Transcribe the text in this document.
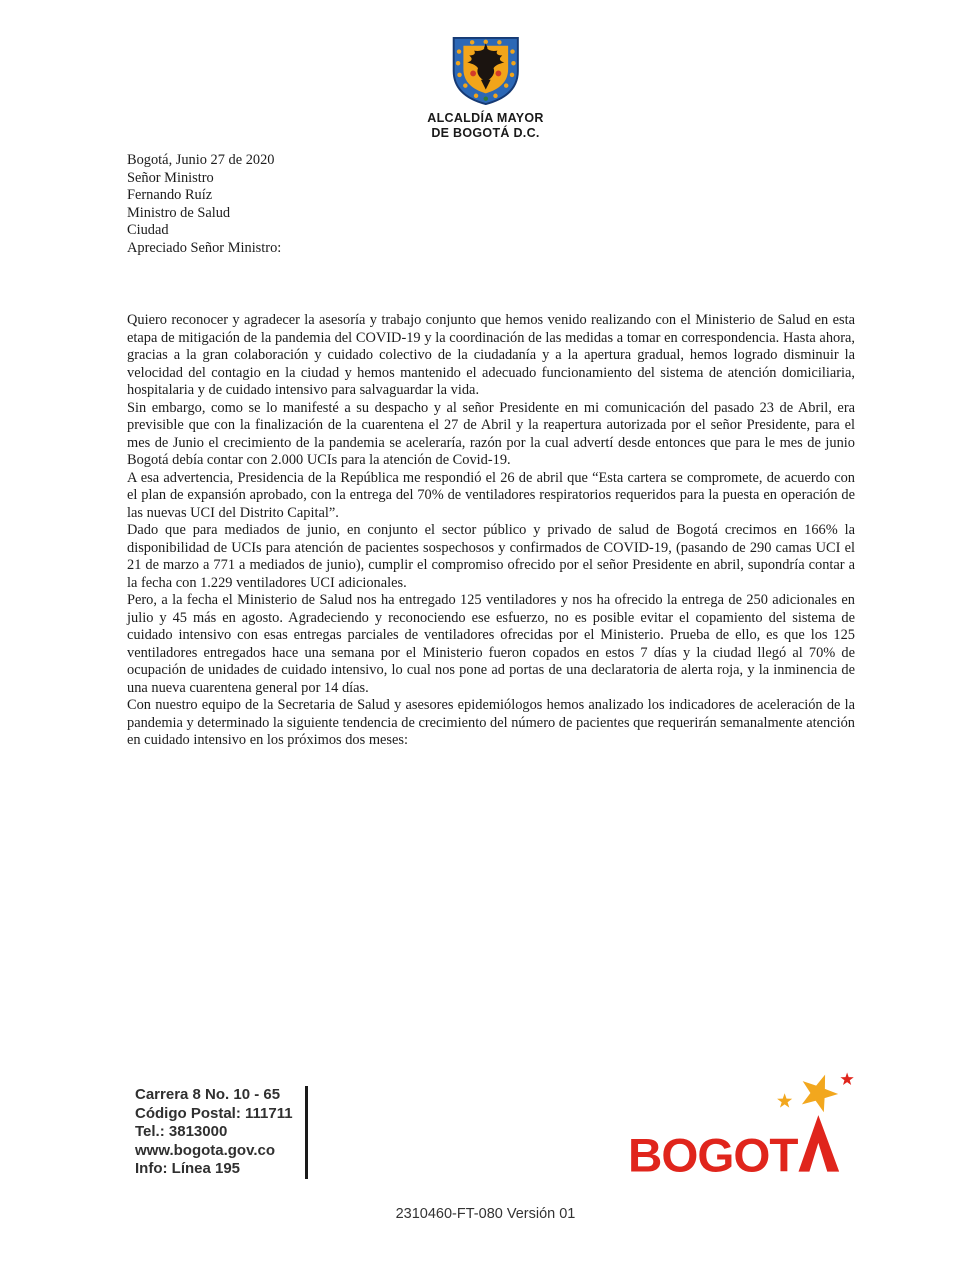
ALCALDÍA MAYOR
DE BOGOTÁ D.C.

Bogotá, Junio 27 de 2020

Señor Ministro
Fernando Ruíz
Ministro de Salud
Ciudad

Apreciado Señor Ministro:

Quiero reconocer y agradecer la asesoría y trabajo conjunto que hemos venido realizando con el Ministerio de Salud en esta etapa de mitigación de la pandemia del COVID-19 y la coordinación de las medidas a tomar en correspondencia. Hasta ahora, gracias a la gran colaboración y cuidado colectivo de la ciudadanía y a la apertura gradual, hemos logrado disminuir la velocidad del contagio en la ciudad y hemos mantenido el adecuado funcionamiento del sistema de atención domiciliaria, hospitalaria y de cuidado intensivo para salvaguardar la vida.

Sin embargo, como se lo manifesté a su despacho y al señor Presidente en mi comunicación del pasado 23 de Abril, era previsible que con la finalización de la cuarentena el 27 de Abril y la reapertura autorizada por el señor Presidente, para el mes de Junio el crecimiento de la pandemia se aceleraría, razón por la cual advertí desde entonces que para le mes de junio Bogotá debía contar con 2.000 UCIs para la atención de Covid-19.

A esa advertencia, Presidencia de la República me respondió el 26 de abril que “Esta cartera se compromete, de acuerdo con el plan de expansión aprobado, con la entrega del 70% de ventiladores respiratorios requeridos para la puesta en operación de las nuevas UCI del Distrito Capital”.

Dado que para mediados de junio, en conjunto el sector público y privado de salud de Bogotá crecimos en 166% la disponibilidad de UCIs para atención de pacientes sospechosos y confirmados de COVID-19, (pasando de 290 camas UCI el 21 de marzo a 771 a mediados de junio), cumplir el compromiso ofrecido por el señor Presidente en abril, supondría contar a la fecha con 1.229 ventiladores UCI adicionales.

Pero, a la fecha el Ministerio de Salud nos ha entregado 125 ventiladores y nos ha ofrecido la entrega de 250 adicionales en julio y 45 más en agosto. Agradeciendo y reconociendo ese esfuerzo, no es posible evitar el copamiento del sistema de cuidado intensivo con esas entregas parciales de ventiladores ofrecidas por el Ministerio. Prueba de ello, es que los 125 ventiladores entregados hace una semana por el Ministerio fueron copados en estos 7 días y la ciudad llegó al 70% de ocupación de unidades de cuidado intensivo, lo cual nos pone ad portas de una declaratoria de alerta roja, y la inminencia de una nueva cuarentena general por 14 días.

Con nuestro equipo de la Secretaria de Salud y asesores epidemiólogos hemos analizado los indicadores de aceleración de la pandemia y determinado la siguiente tendencia de crecimiento del número de pacientes que requerirán semanalmente atención en cuidado intensivo en los próximos dos meses:

Carrera 8 No. 10 - 65
Código Postal: 111711
Tel.: 3813000
www.bogota.gov.co
Info: Línea 195	BOGOT
2310460-FT-080 Versión 01
